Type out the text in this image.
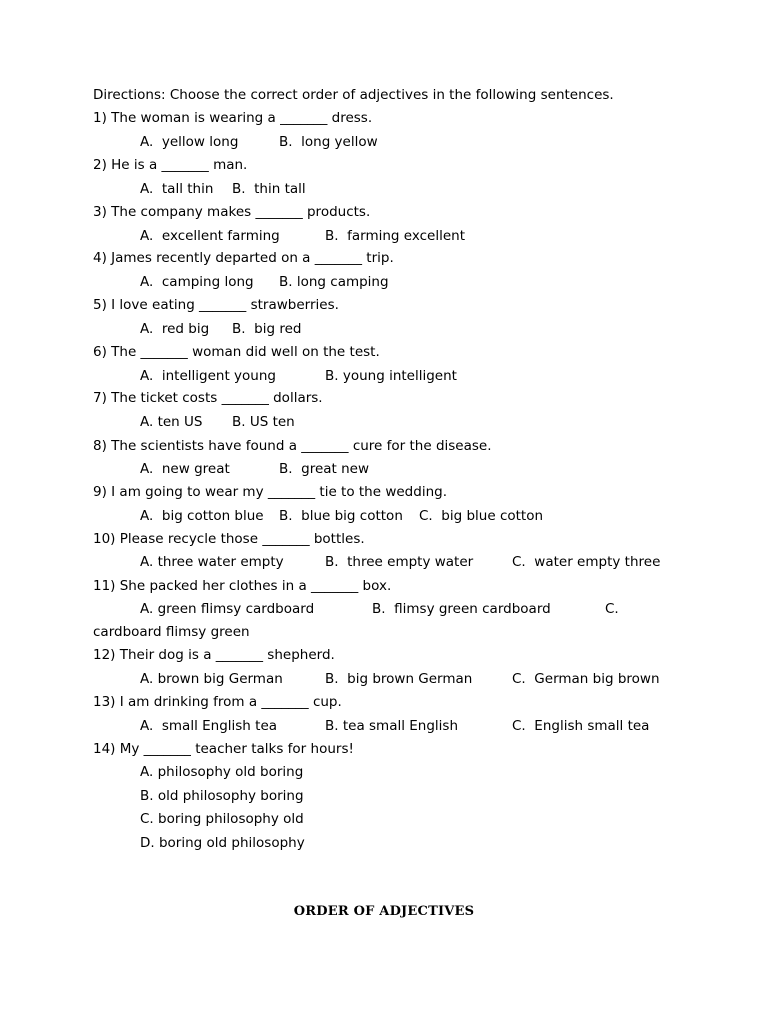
Directions: Choose the correct order of adjectives in the following sentences.
1) The woman is wearing a _______ dress.
A.  yellow long	B.  long yellow
2) He is a _______ man.
A.  tall thin B.  thin tall
3) The company makes _______ products.
A.  excellent farming	B.  farming excellent
4) James recently departed on a _______ trip.
A.  camping long B. long camping
5) I love eating _______ strawberries.
A.  red big B.  big red
6) The _______ woman did well on the test.
A.  intelligent young	B. young intelligent
7) The ticket costs _______ dollars.
A. ten US B. US ten
8) The scientists have found a _______ cure for the disease.
A.  new great	B.  great new
9) I am going to wear my _______ tie to the wedding.
A.  big cotton blue B.  blue big cotton C.  big blue cotton
10) Please recycle those _______ bottles.
A. three water empty	B.  three empty water	C.  water empty three
11) She packed her clothes in a _______ box.
A. green flimsy cardboard	B.  flimsy green cardboard	C.
cardboard flimsy green
12) Their dog is a _______ shepherd.
A. brown big German	B.  big brown German	C.  German big brown
13) I am drinking from a _______ cup.
A.  small English tea	B. tea small English	C.  English small tea
14) My _______ teacher talks for hours!
A. philosophy old boring
B. old philosophy boring
C. boring philosophy old
D. boring old philosophy
ORDER OF ADJECTIVES
